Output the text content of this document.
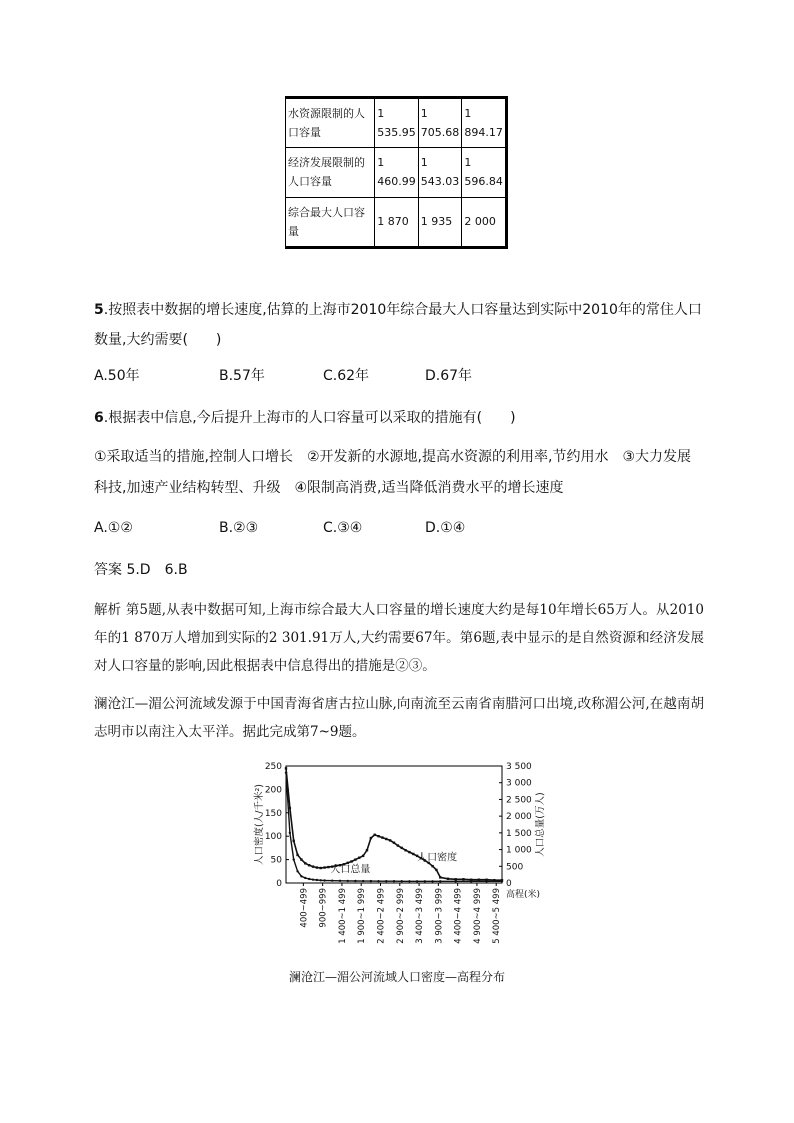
水资源限制的人口容量	1 535.95	1 705.68	1 894.17
经济发展限制的人口容量	1 460.99	1 543.03	1 596.84
综合最大人口容量	1 870	1 935	2 000
5.按照表中数据的增长速度,估算的上海市2010年综合最大人口容量达到实际中2010年的常住人口数量,大约需要(　　)
A.50年	B.57年	C.62年	D.67年
6.根据表中信息,今后提升上海市的人口容量可以采取的措施有(　　)
①采取适当的措施,控制人口增长　②开发新的水源地,提高水资源的利用率,节约用水　③大力发展科技,加速产业结构转型、升级　④限制高消费,适当降低消费水平的增长速度
A.①②	B.②③	C.③④	D.①④
答案 5.D　6.B
解析 第5题,从表中数据可知,上海市综合最大人口容量的增长速度大约是每10年增长65万人。从2010年的1 870万人增加到实际的2 301.91万人,大约需要67年。第6题,表中显示的是自然资源和经济发展对人口容量的影响,因此根据表中信息得出的措施是②③。
澜沧江—湄公河流域发源于中国青海省唐古拉山脉,向南流至云南省南腊河口出境,改称湄公河,在越南胡志明市以南注入太平洋。据此完成第7~9题。
0
50
100
150
200
250
0
500
1 000
1 500
2 000
2 500
3 000
3 500
人口密度(人/千米²)	人口总量(万人)
高程(米)
400~499 900~999 1 400~1 499 1 900~1 999 2 400~2 499 2 900~2 999 3 400~3 499 3 900~3 999 4 400~4 499 4 900~4 999 5 400~5 499
人口总量
人口密度
澜沧江—湄公河流域人口密度—高程分布
